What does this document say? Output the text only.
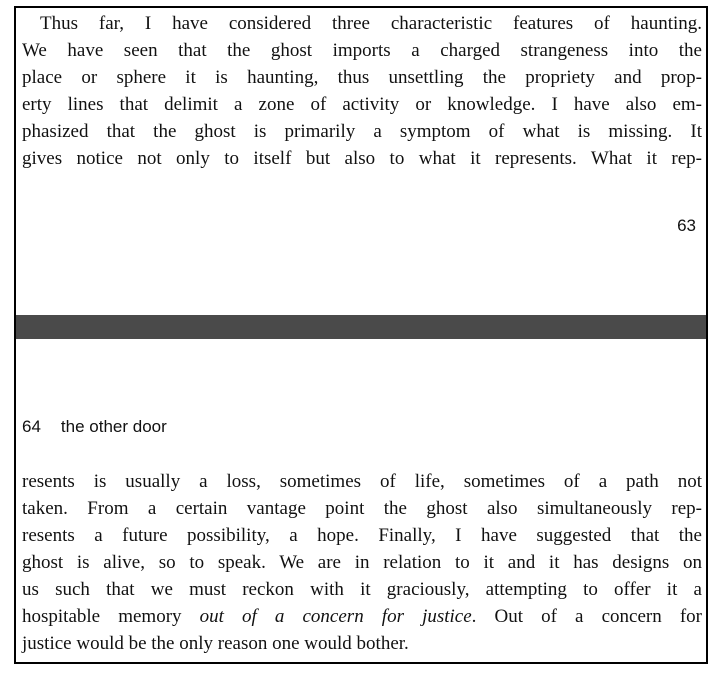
Thus far, I have considered three characteristic features of haunting.
We have seen that the ghost imports a charged strangeness into the
place or sphere it is haunting, thus unsettling the propriety and prop-
erty lines that delimit a zone of activity or knowledge. I have also em-
phasized that the ghost is primarily a symptom of what is missing. It
gives notice not only to itself but also to what it represents. What it rep-

63
64 the other door

resents is usually a loss, sometimes of life, sometimes of a path not
taken. From a certain vantage point the ghost also simultaneously rep-
resents a future possibility, a hope. Finally, I have suggested that the
ghost is alive, so to speak. We are in relation to it and it has designs on
us such that we must reckon with it graciously, attempting to offer it a
hospitable memory out of a concern for justice. Out of a concern for
justice would be the only reason one would bother.
